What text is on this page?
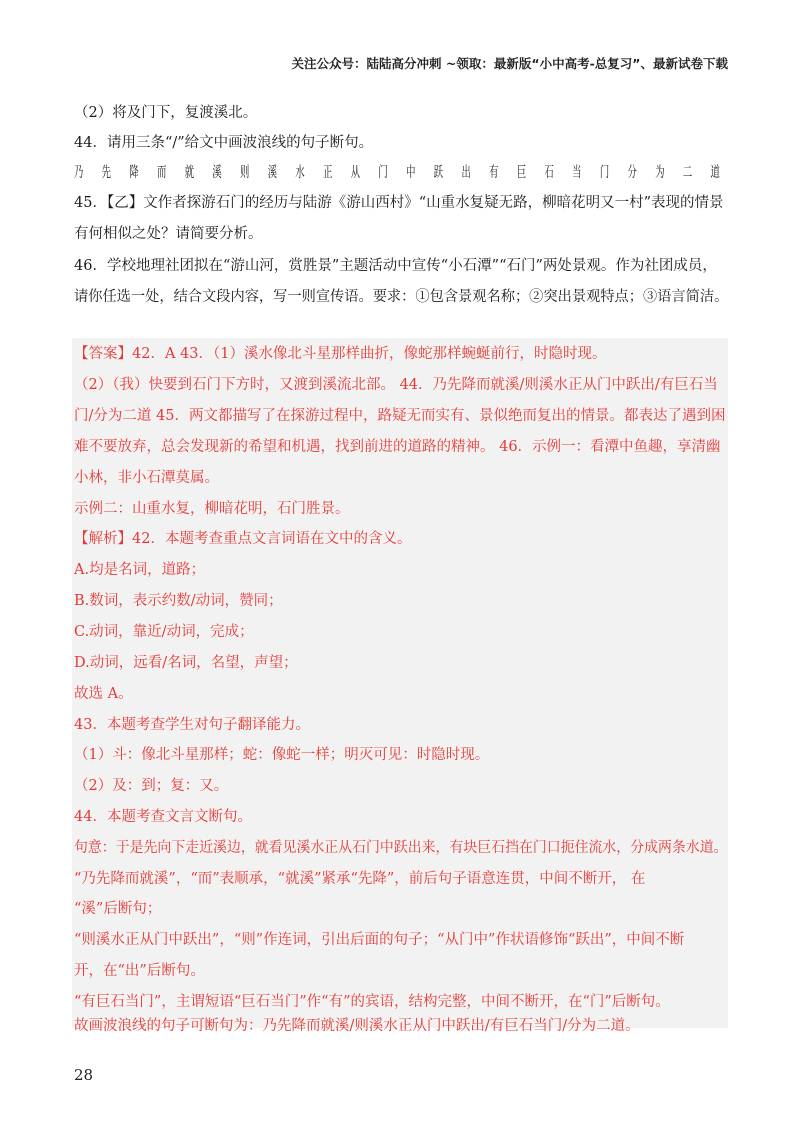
关注公众号：陆陆高分冲刺 ~领取：最新版“小中高考-总复习”、最新试卷下载
（2）将及门下，复渡溪北。
44．请用三条“/”给文中画波浪线的句子断句。
乃 先 降 而 就 溪 则 溪 水 正 从 门 中 跃 出 有 巨 石 当 门 分 为 二 道
45．【乙】文作者探游石门的经历与陆游《游山西村》“山重水复疑无路，柳暗花明又一村”表现的情景
有何相似之处？请简要分析。
46．学校地理社团拟在“游山河，赏胜景”主题活动中宣传“小石潭”“石门”两处景观。作为社团成员，
请你任选一处，结合文段内容，写一则宣传语。要求：①包含景观名称；②突出景观特点；③语言简洁。
【答案】42．A 43．（1）溪水像北斗星那样曲折，像蛇那样蜿蜒前行，时隐时现。
（2）（我）快要到石门下方时，又渡到溪流北部。 44．乃先降而就溪/则溪水正从门中跃出/有巨石当
门/分为二道 45．两文都描写了在探游过程中，路疑无而实有、景似绝而复出的情景。都表达了遇到困
难不要放弃，总会发现新的希望和机遇，找到前进的道路的精神。 46．示例一：看潭中鱼趣，享清幽
小林，非小石潭莫属。
示例二：山重水复，柳暗花明，石门胜景。
【解析】42．本题考查重点文言词语在文中的含义。
A.均是名词，道路；
B.数词，表示约数/动词，赞同；
C.动词，靠近/动词，完成；
D.动词，远看/名词，名望，声望；
故选 A。
43．本题考查学生对句子翻译能力。
（1）斗：像北斗星那样；蛇：像蛇一样；明灭可见：时隐时现。
（2）及：到；复：又。
44．本题考查文言文断句。
句意：于是先向下走近溪边，就看见溪水正从石门中跃出来，有块巨石挡在门口扼住流水，分成两条水道。
“乃先降而就溪”，“而”表顺承，“就溪”紧承“先降”，前后句子语意连贯，中间不断开， 在
“溪”后断句；
“则溪水正从门中跃出”，“则”作连词，引出后面的句子；“从门中”作状语修饰“跃出”，中间不断
开，在“出”后断句。
“有巨石当门”，主谓短语“巨石当门”作“有”的宾语，结构完整，中间不断开，在“门”后断句。
故画波浪线的句子可断句为：乃先降而就溪/则溪水正从门中跃出/有巨石当门/分为二道。
28
